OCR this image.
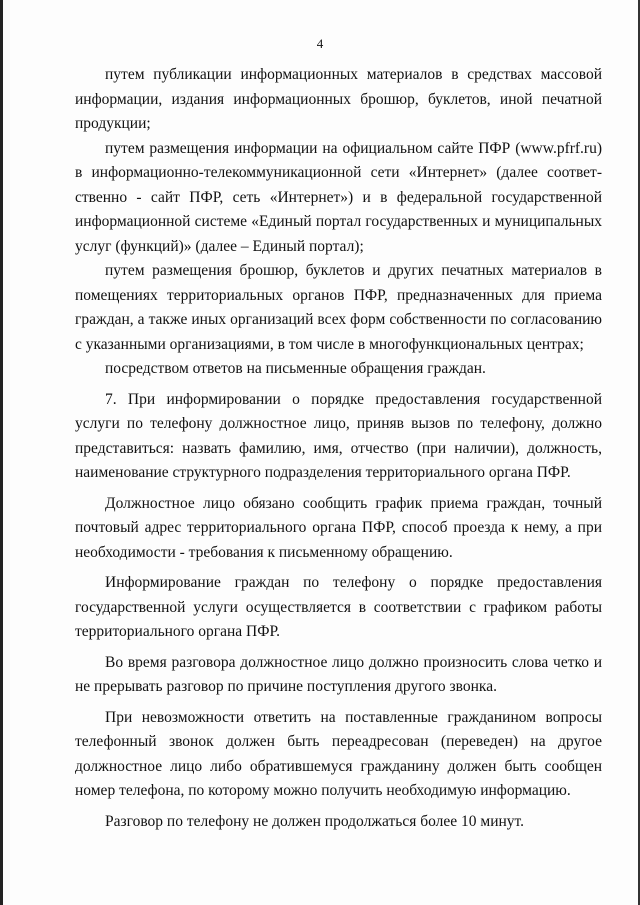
4

путем публикации информационных материалов в средствах массовой информации, издания информационных брошюр, буклетов, иной печатной продукции;

путем размещения информации на официальном сайте ПФР (www.pfrf.ru) в информационно-телекоммуникационной сети «Интернет» (далее соответ-ственно - сайт ПФР, сеть «Интернет») и в федеральной государственной информационной системе «Единый портал государственных и муниципальных услуг (функций)» (далее – Единый портал);

путем размещения брошюр, буклетов и других печатных материалов в помещениях территориальных органов ПФР, предназначенных для приема граждан, а также иных организаций всех форм собственности по согласованию с указанными организациями, в том числе в многофункциональных центрах;

посредством ответов на письменные обращения граждан.

7. При информировании о порядке предоставления государственной услуги по телефону должностное лицо, приняв вызов по телефону, должно представиться: назвать фамилию, имя, отчество (при наличии), должность, наименование структурного подразделения территориального органа ПФР.

Должностное лицо обязано сообщить график приема граждан, точный почтовый адрес территориального органа ПФР, способ проезда к нему, а при необходимости - требования к письменному обращению.

Информирование граждан по телефону о порядке предоставления государственной услуги осуществляется в соответствии с графиком работы территориального органа ПФР.

Во время разговора должностное лицо должно произносить слова четко и не прерывать разговор по причине поступления другого звонка.

При невозможности ответить на поставленные гражданином вопросы телефонный звонок должен быть переадресован (переведен) на другое должностное лицо либо обратившемуся гражданину должен быть сообщен номер телефона, по которому можно получить необходимую информацию.

Разговор по телефону не должен продолжаться более 10 минут.
